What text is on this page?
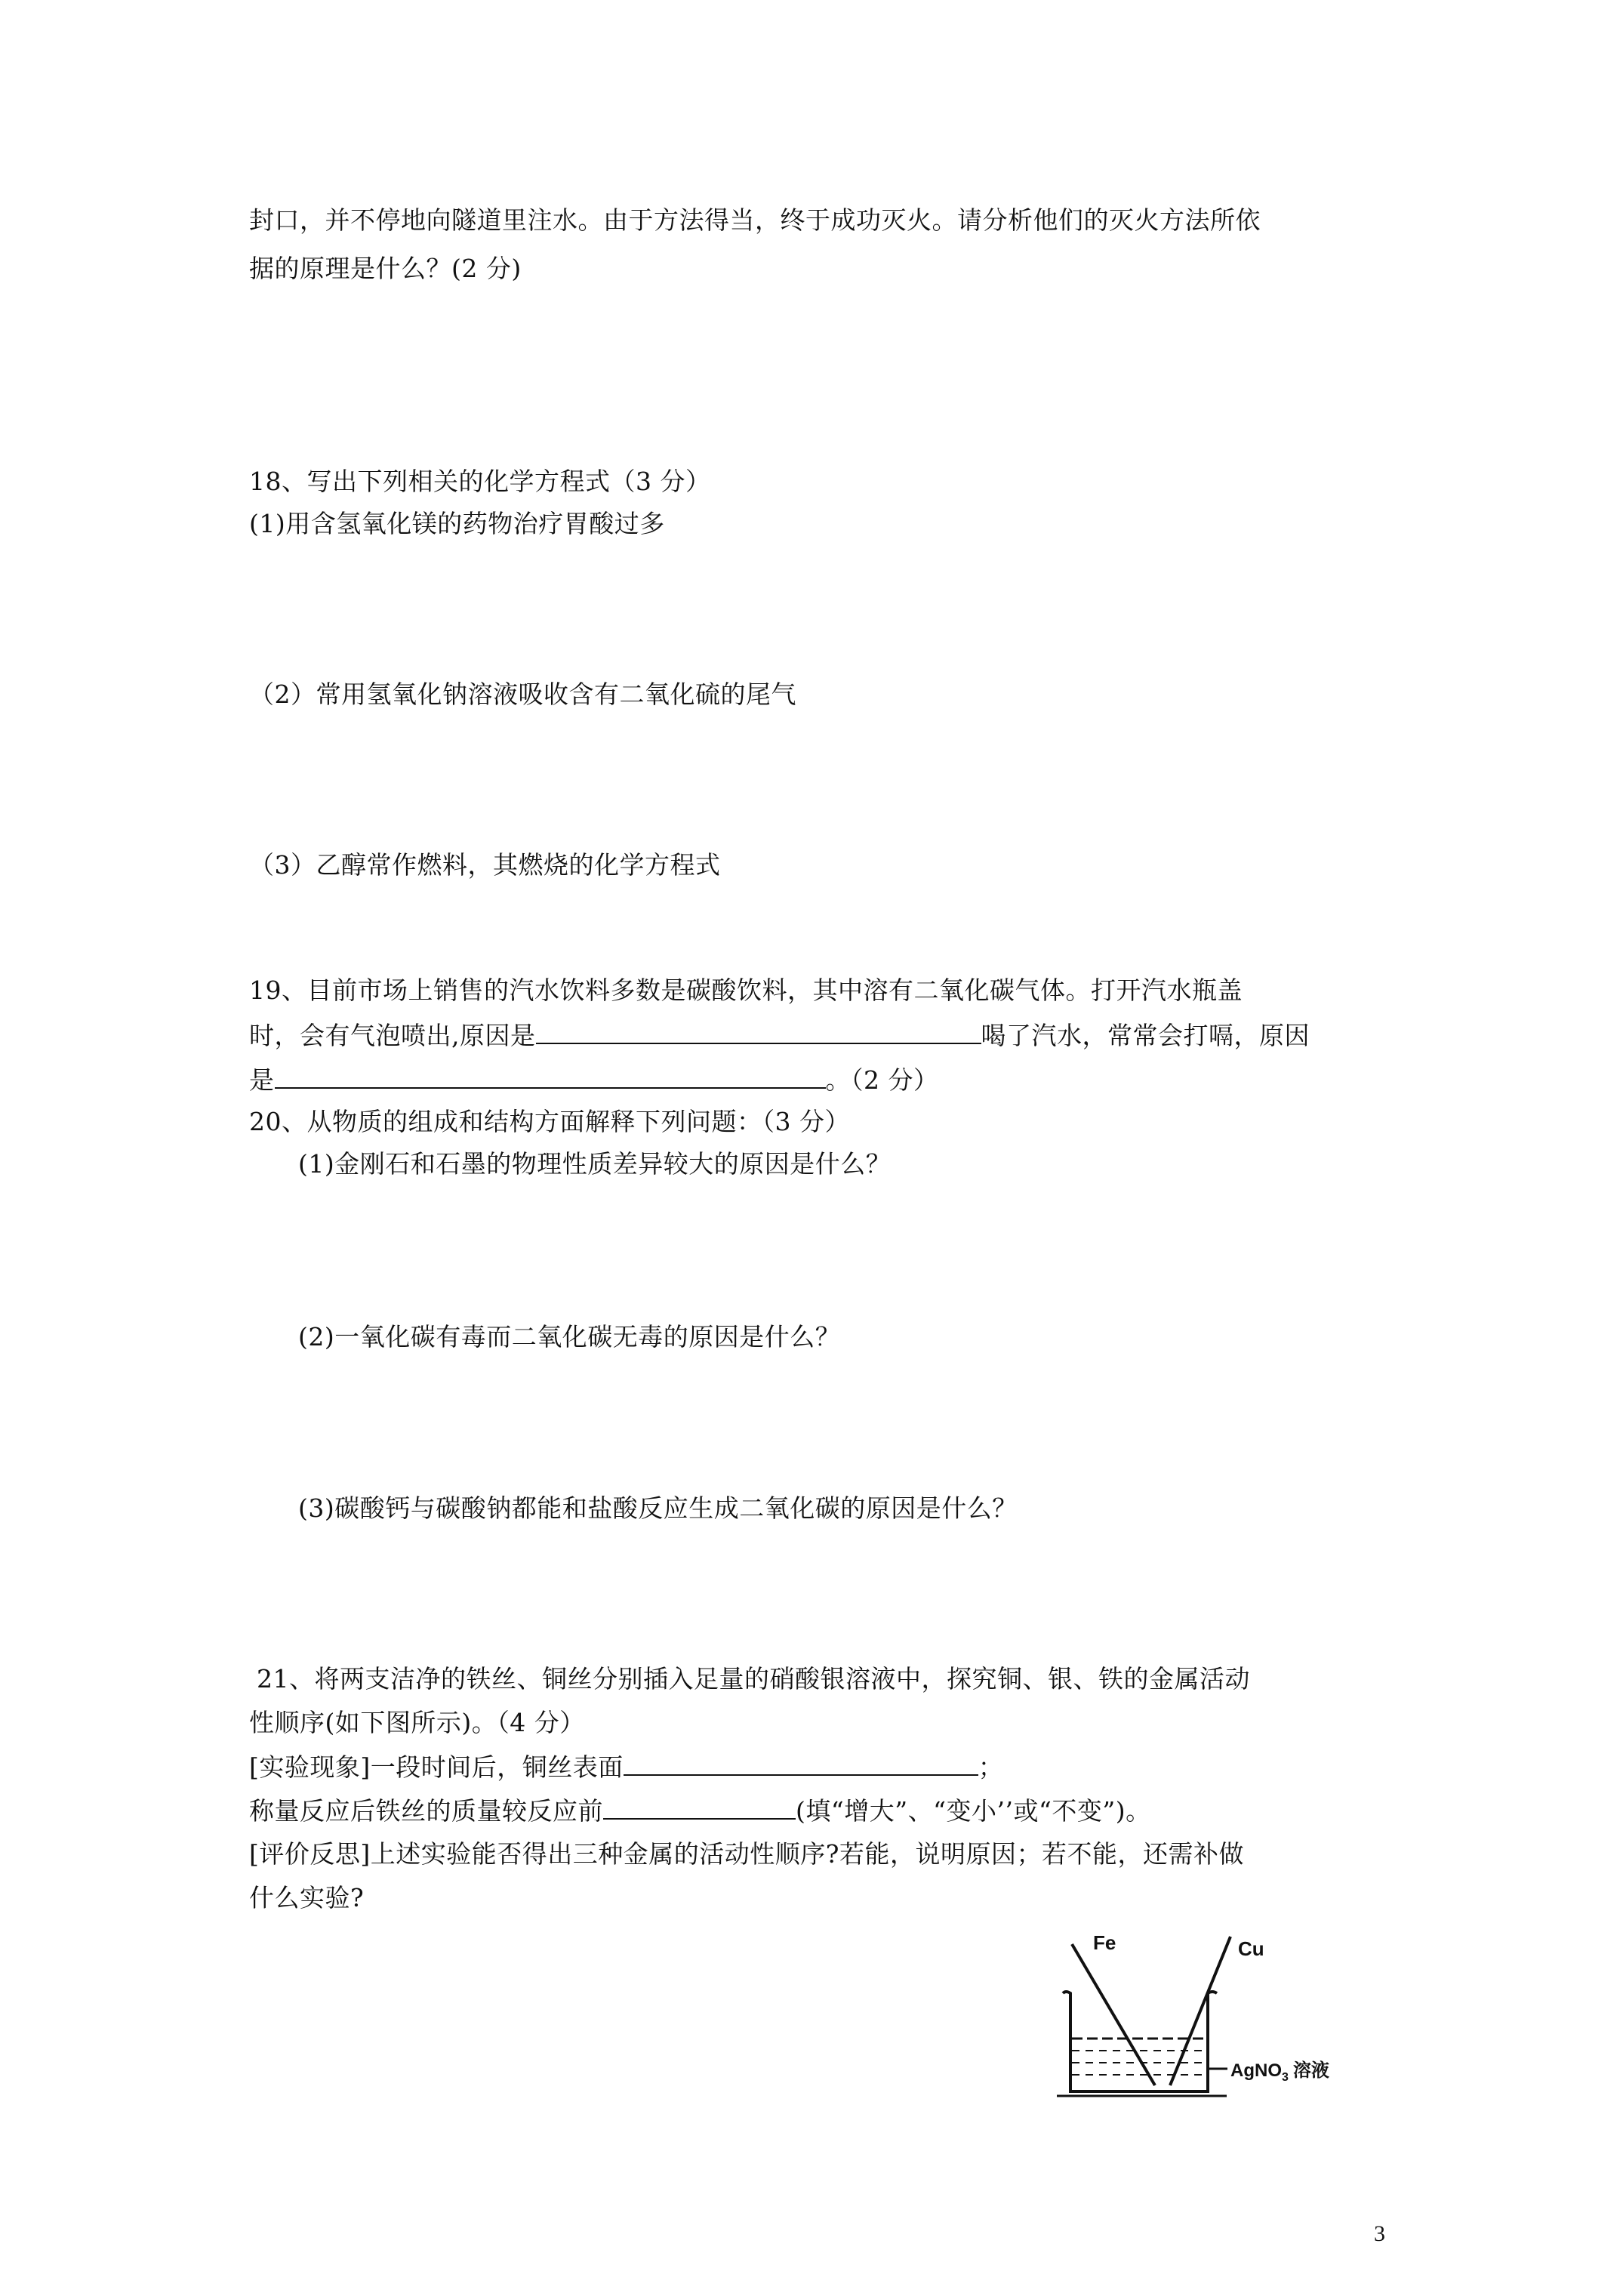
封口，并不停地向隧道里注水。由于方法得当，终于成功灭火。请分析他们的灭火方法所依
据的原理是什么？(2 分)
18、写出下列相关的化学方程式（3 分）
(1)用含氢氧化镁的药物治疗胃酸过多
（2）常用氢氧化钠溶液吸收含有二氧化硫的尾气
（3）乙醇常作燃料，其燃烧的化学方程式
19、目前市场上销售的汽水饮料多数是碳酸饮料，其中溶有二氧化碳气体。打开汽水瓶盖
时，会有气泡喷出,原因是	喝了汽水，常常会打嗝，原因
是	。（2 分）
20、从物质的组成和结构方面解释下列问题：（3 分）
(1)金刚石和石墨的物理性质差异较大的原因是什么？
(2)一氧化碳有毒而二氧化碳无毒的原因是什么？
(3)碳酸钙与碳酸钠都能和盐酸反应生成二氧化碳的原因是什么？
21、将两支洁净的铁丝、铜丝分别插入足量的硝酸银溶液中，探究铜、银、铁的金属活动
性顺序(如下图所示)。（4 分）
[实验现象]一段时间后，铜丝表面	；
称量反应后铁丝的质量较反应前	(填“增大”、“变小’’或“不变”)。
[评价反思]上述实验能否得出三种金属的活动性顺序?若能，说明原因；若不能，还需补做
什么实验?
Fe	Cu
AgNO$_3$ 溶液
3
